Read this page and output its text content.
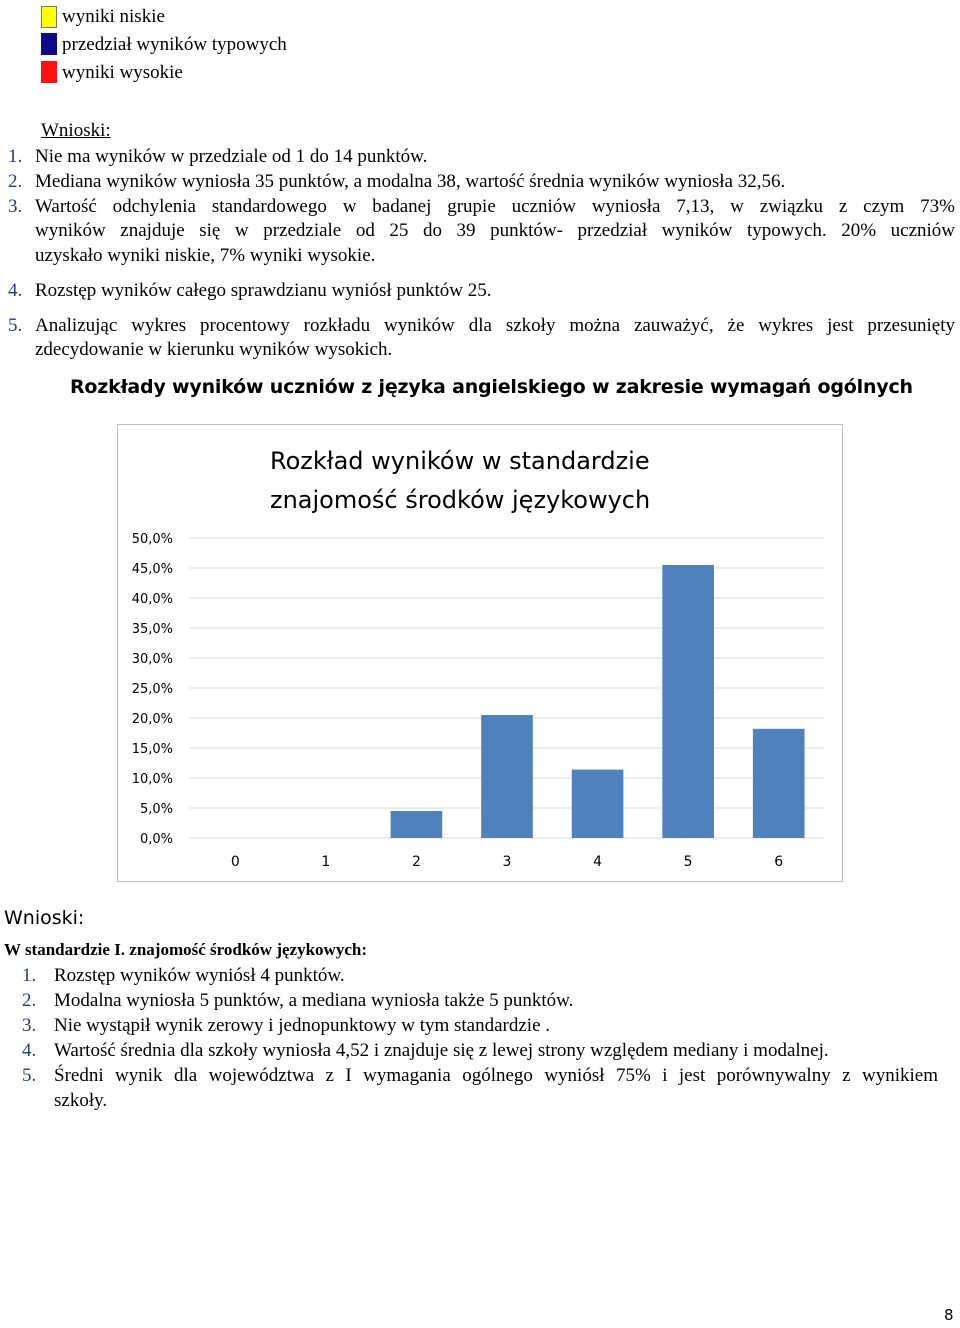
wyniki niskie
przedział wyników typowych
wyniki wysokie
Wnioski:
1. Nie ma wyników w przedziale od 1 do 14 punktów.
2. Mediana wyników wyniosła 35 punktów, a modalna 38, wartość średnia wyników wyniosła 32,56.
3. Wartość odchylenia standardowego w badanej grupie uczniów wyniosła 7,13, w związku z czym 73%
wyników znajduje się w przedziale od 25 do 39 punktów- przedział wyników typowych. 20% uczniów
uzyskało wyniki niskie, 7% wyniki wysokie.
4. Rozstęp wyników całego sprawdzianu wyniósł punktów 25.
5. Analizując wykres procentowy rozkładu wyników dla szkoły można zauważyć, że wykres jest przesunięty
zdecydowanie w kierunku wyników wysokich.
Rozkłady wyników uczniów z języka angielskiego w zakresie wymagań ogólnych
Rozkład wyników w standardzie
znajomość środków językowych
0,0%
5,0%
10,0%
15,0%
20,0%
25,0%
30,0%
35,0%
40,0%
45,0%
50,0%
0	1	2	3	4	5	6
Wnioski:
W standardzie I. znajomość środków językowych:
1. Rozstęp wyników wyniósł 4 punktów.
2. Modalna wyniosła 5 punktów, a mediana wyniosła także 5 punktów.
3. Nie wystąpił wynik zerowy i jednopunktowy w tym standardzie .
4. Wartość średnia dla szkoły wyniosła 4,52 i znajduje się z lewej strony względem mediany i modalnej.
5. Średni wynik dla województwa z I wymagania ogólnego wyniósł 75% i jest porównywalny z wynikiem
szkoły.
8
